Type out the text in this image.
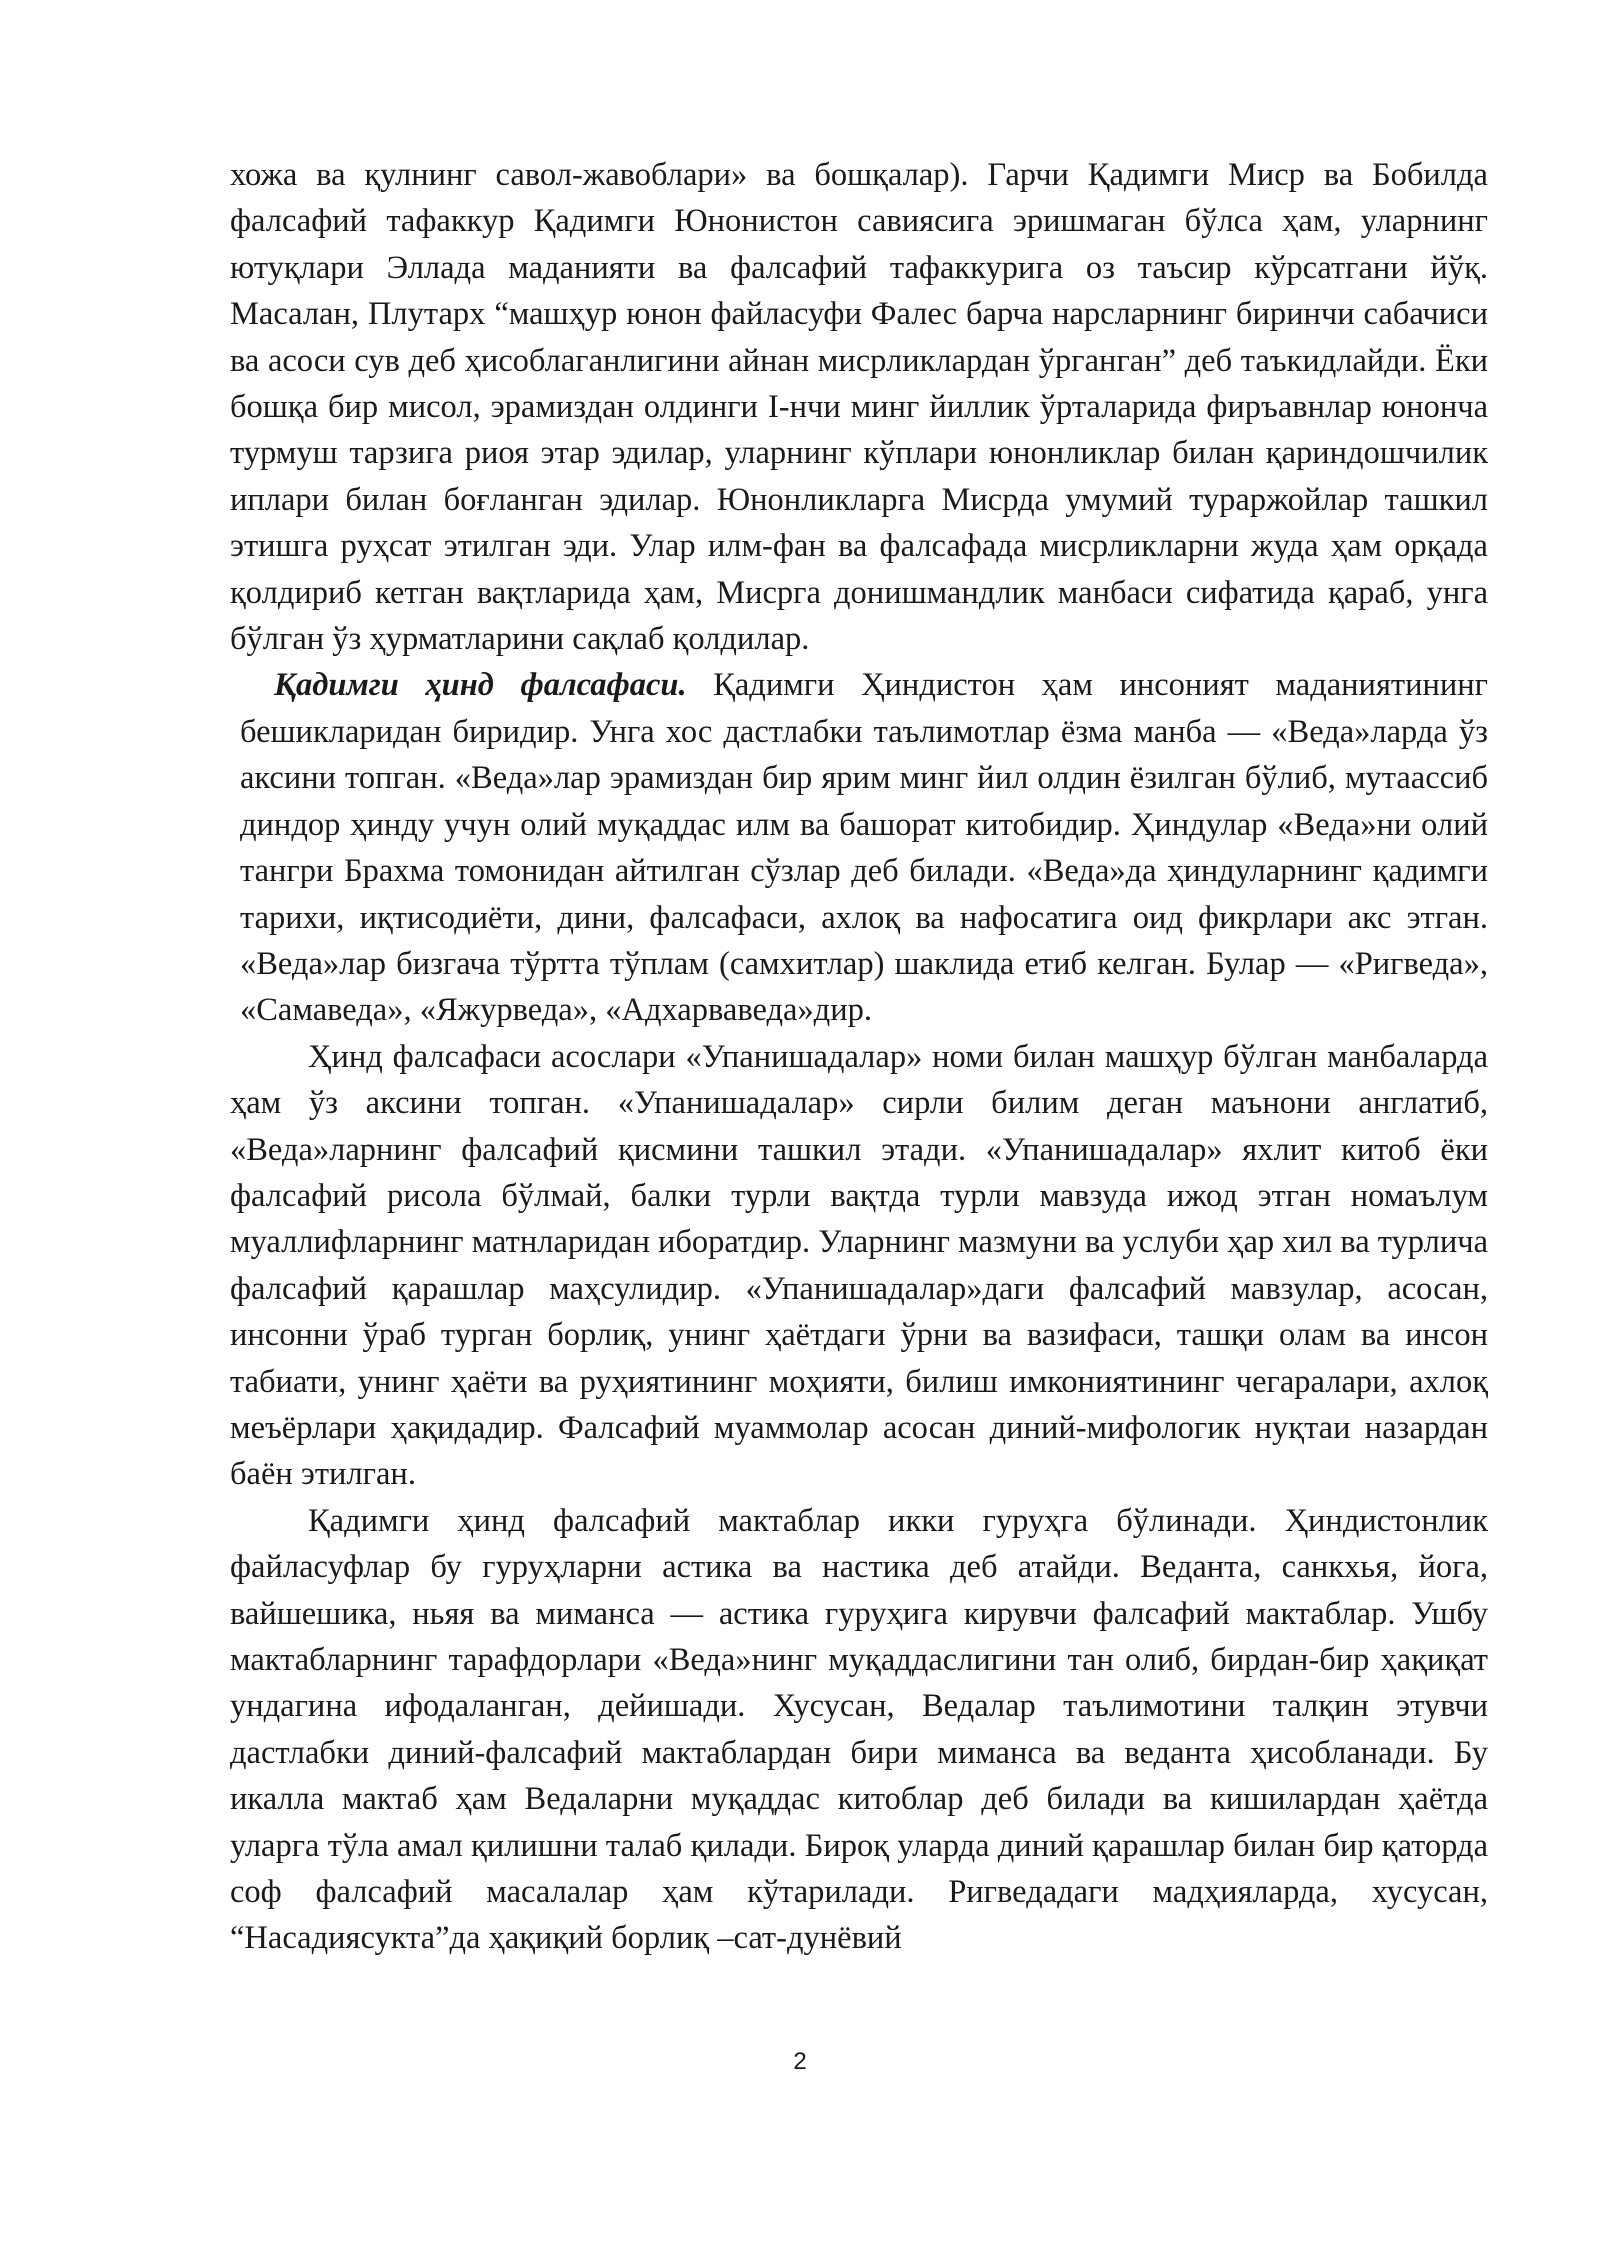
хожа ва қулнинг савол-жавоблари» ва бошқалар). Гарчи Қадимги Миср ва Бобилда фалсафий тафаккур Қадимги Юнонистон савиясига эришмаган бўлса ҳам, уларнинг ютуқлари Эллада маданияти ва фалсафий тафаккурига оз таъсир кўрсатгани йўқ. Масалан, Плутарх “машҳур юнон файласуфи Фалес барча нарсларнинг биринчи сабачиси ва асоси сув деб ҳисоблаганлигини айнан мисрликлардан ўрганган” деб таъкидлайди. Ёки бошқа бир мисол, эрамиздан олдинги I-нчи минг йиллик ўрталарида фиръавнлар юнонча турмуш тарзига риоя этар эдилар, уларнинг кўплари юнонликлар билан қариндошчилик иплари билан боғланган эдилар. Юнонликларга Мисрда умумий тураржойлар ташкил этишга руҳсат этилган эди. Улар илм-фан ва фалсафада мисрликларни жуда ҳам орқада қолдириб кетган вақтларида ҳам, Мисрга донишмандлик манбаси сифатида қараб, унга бўлган ўз ҳурматларини сақлаб қолдилар.

Қадимги ҳинд фалсафаси. Қадимги Ҳиндистон ҳам инсоният маданиятининг бешикларидан биридир. Унга хос дастлабки таълимотлар ёзма манба — «Веда»ларда ўз аксини топган. «Веда»лар эрамиздан бир ярим минг йил олдин ёзилган бўлиб, мутаассиб диндор ҳинду учун олий муқаддас илм ва башорат китобидир. Ҳиндулар «Веда»ни олий тангри Брахма томонидан айтилган сўзлар деб билади. «Веда»да ҳиндуларнинг қадимги тарихи, иқтисодиёти, дини, фалсафаси, ахлоқ ва нафосатига оид фикрлари акс этган. «Веда»лар бизгача тўртта тўплам (самхитлар) шаклида етиб келган. Булар — «Ригведа», «Самаведа», «Яжурведа», «Адхарваведа»дир.

Ҳинд фалсафаси асослари «Упанишадалар» номи билан машҳур бўлган манбаларда ҳам ўз аксини топган. «Упанишадалар» сирли билим деган маънони англатиб, «Веда»ларнинг фалсафий қисмини ташкил этади. «Упанишадалар» яхлит китоб ёки фалсафий рисола бўлмай, балки турли вақтда турли мавзуда ижод этган номаълум муаллифларнинг матнларидан иборатдир. Уларнинг мазмуни ва услуби ҳар хил ва турлича фалсафий қарашлар маҳсулидир. «Упанишадалар»даги фалсафий мавзулар, асосан, инсонни ўраб турган борлиқ, унинг ҳаётдаги ўрни ва вазифаси, ташқи олам ва инсон табиати, унинг ҳаёти ва руҳиятининг моҳияти, билиш имкониятининг чегаралари, ахлоқ меъёрлари ҳақидадир. Фалсафий муаммолар асосан диний-мифологик нуқтаи назардан баён этилган.

Қадимги ҳинд фалсафий мактаблар икки гуруҳга бўлинади. Ҳиндистонлик файласуфлар бу гуруҳларни астика ва настика деб атайди. Веданта, санкхья, йога, вайшешика, ньяя ва миманса — астика гуруҳига кирувчи фалсафий мактаблар. Ушбу мактабларнинг тарафдорлари «Веда»нинг муқаддаслигини тан олиб, бирдан-бир ҳақиқат ундагина ифодаланган, дейишади. Хусусан, Ведалар таълимотини талқин этувчи дастлабки диний-фалсафий мактаблардан бири миманса ва веданта ҳисобланади. Бу икалла мактаб ҳам Ведаларни муқаддас китоблар деб билади ва кишилардан ҳаётда уларга тўла амал қилишни талаб қилади. Бироқ уларда диний қарашлар билан бир қаторда соф фалсафий масалалар ҳам кўтарилади. Ригведадаги мадҳияларда, хусусан, “Насадиясукта”да ҳақиқий борлиқ –сат-дунёвий

2
